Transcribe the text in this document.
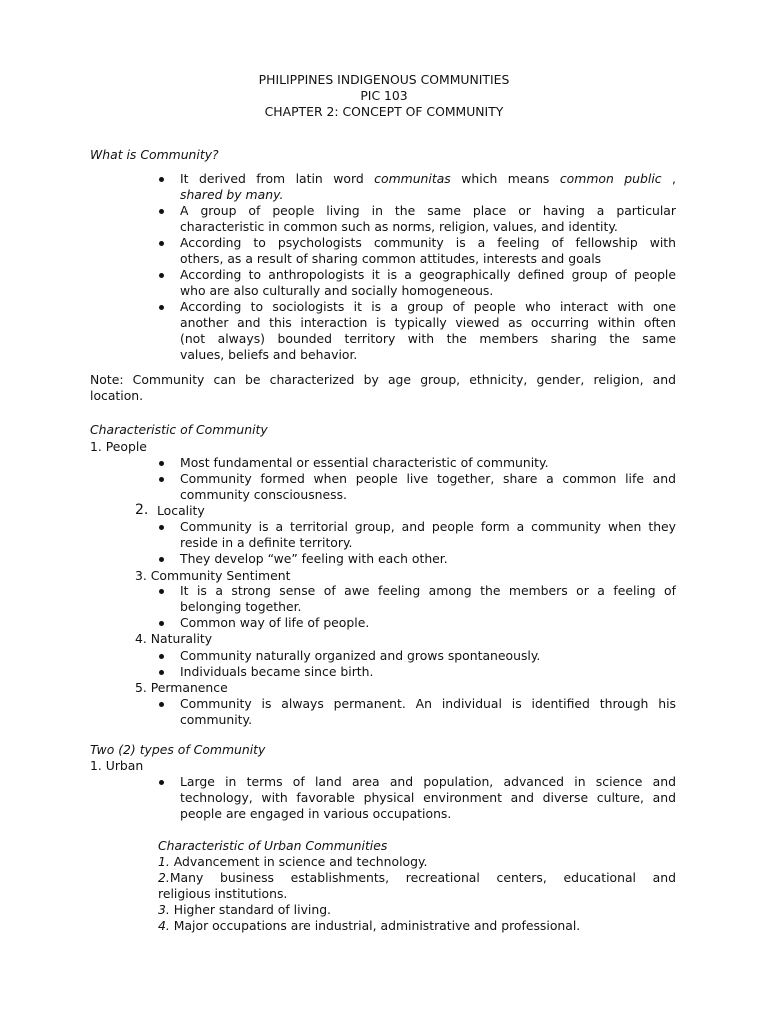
PHILIPPINES INDIGENOUS COMMUNITIES
PIC 103
CHAPTER 2: CONCEPT OF COMMUNITY
What is Community?
It derived from latin word communitas which means common public ,
shared by many.
A group of people living in the same place or having a particular
characteristic in common such as norms, religion, values, and identity.
According to psychologists community is a feeling of fellowship with
others, as a result of sharing common attitudes, interests and goals
According to anthropologists it is a geographically defined group of people
who are also culturally and socially homogeneous.
According to sociologists it is a group of people who interact with one
another and this interaction is typically viewed as occurring within often
(not always) bounded territory with the members sharing the same
values, beliefs and behavior.
Note: Community can be characterized by age group, ethnicity, gender, religion, and
location.
Characteristic of Community
1. People
Most fundamental or essential characteristic of community.
Community formed when people live together, share a common life and
community consciousness.
2. Locality
Community is a territorial group, and people form a community when they
reside in a definite territory.
They develop “we” feeling with each other.
3. Community Sentiment
It is a strong sense of awe feeling among the members or a feeling of
belonging together.
Common way of life of people.
4. Naturality
Community naturally organized and grows spontaneously.
Individuals became since birth.
5. Permanence
Community is always permanent. An individual is identified through his
community.
Two (2) types of Community
1. Urban
Large in terms of land area and population, advanced in science and
technology, with favorable physical environment and diverse culture, and
people are engaged in various occupations.
Characteristic of Urban Communities
1. Advancement in science and technology.
2.Many business establishments, recreational centers, educational and
religious institutions.
3. Higher standard of living.
4. Major occupations are industrial, administrative and professional.
